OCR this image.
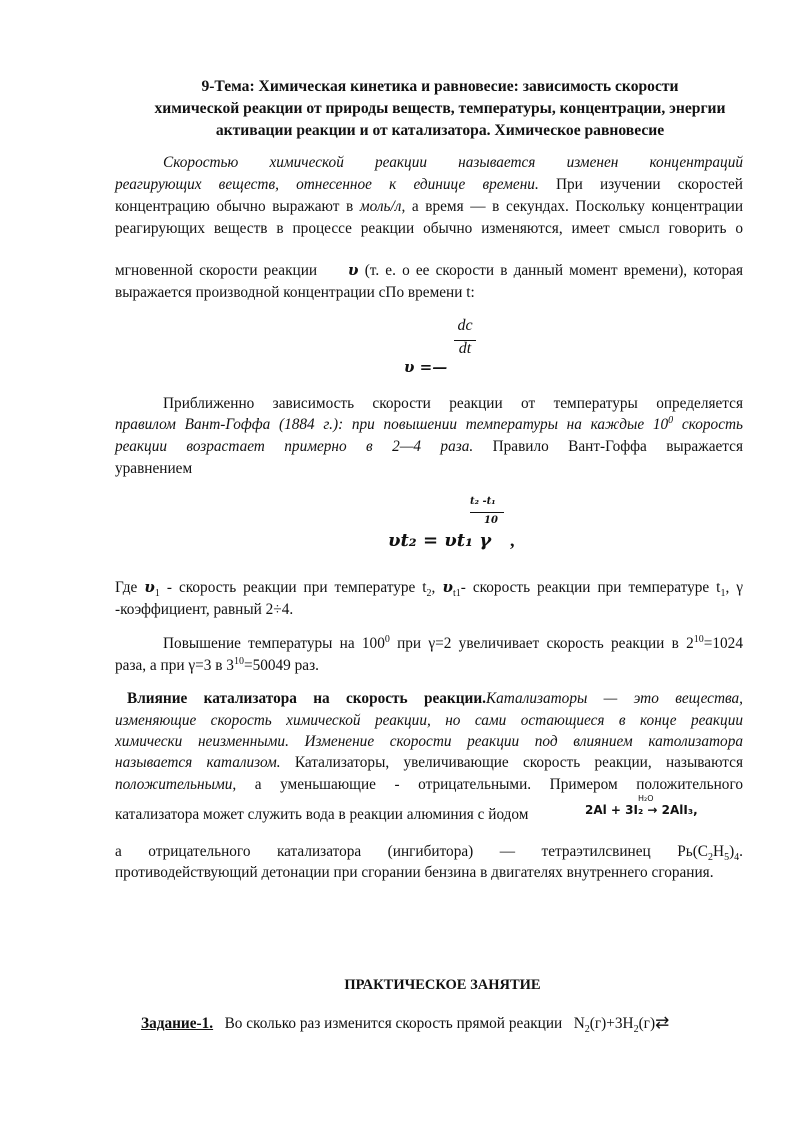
9-Тема: Химическая кинетика и равновесие: зависимость скорости
химической реакции от природы веществ, температуры, концентрации, энергии
активации реакции и от катализатора. Химическое равновесие
Скоростью химической реакции называется изменен концентраций
реагирующих веществ, отнесенное к единице времени. При изучении скоростей
концентрацию обычно выражают в моль/л, а время — в секундах. Поскольку концентрации
реагирующих веществ в процессе реакции обычно изменяются, имеет смысл говорить о
мгновенной скорости реакции υ (т. е. о ее скорости в данный момент времени), которая
выражается производной концентрации сПо времени t:
dc
dt
υ =—
Приближенно зависимость скорости реакции от температуры определяется
правилом Вант-Гоффа (1884 г.): при повышении температуры на каждые $10^0$ скорость
реакции возрастает примерно в 2—4 раза. Правило Вант-Гоффа выражается
уравнением
t₂ -t₁
10
υt₂ = υt₁ γ ,
Где $\upsilon_1$ - скорость реакции при температуре $t_2$, $\upsilon_{t1}-$ скорость реакции при температуре $t_1$, γ
-коэффициент, равный 2÷4.
Повышение температуры на $100^0$ при γ=2 увеличивает скорость реакции в $2^{10}=1024$
раза, а при γ=3 в $3^{10}=50049$ раз.
Влияние катализатора на скорость реакции.Катализаторы — это вещества,
изменяющие скорость химической реакции, но сами остающиеся в конце реакции
химически неизменными. Изменение скорости реакции под влиянием католизатора
называется катализом. Катализаторы, увеличивающие скорость реакции, называются
положительными, а уменьшающие - отрицательными. Примером положительного
катализатора может служить вода в реакции алюминия с йодом
H₂O
2Al + 3I₂ → 2AlI₃,
а отрицательного катализатора (ингибитора) — тетраэтилсвинец $Рь(С_2H_5)_4$.
противодействующий детонации при сгорании бензина в двигателях внутреннего сгорания.
ПРАКТИЧЕСКОЕ ЗАНЯТИЕ
Задание-1. Во сколько раз изменится скорость прямой реакции $N_2(г)+3H_2(г)⇄$
